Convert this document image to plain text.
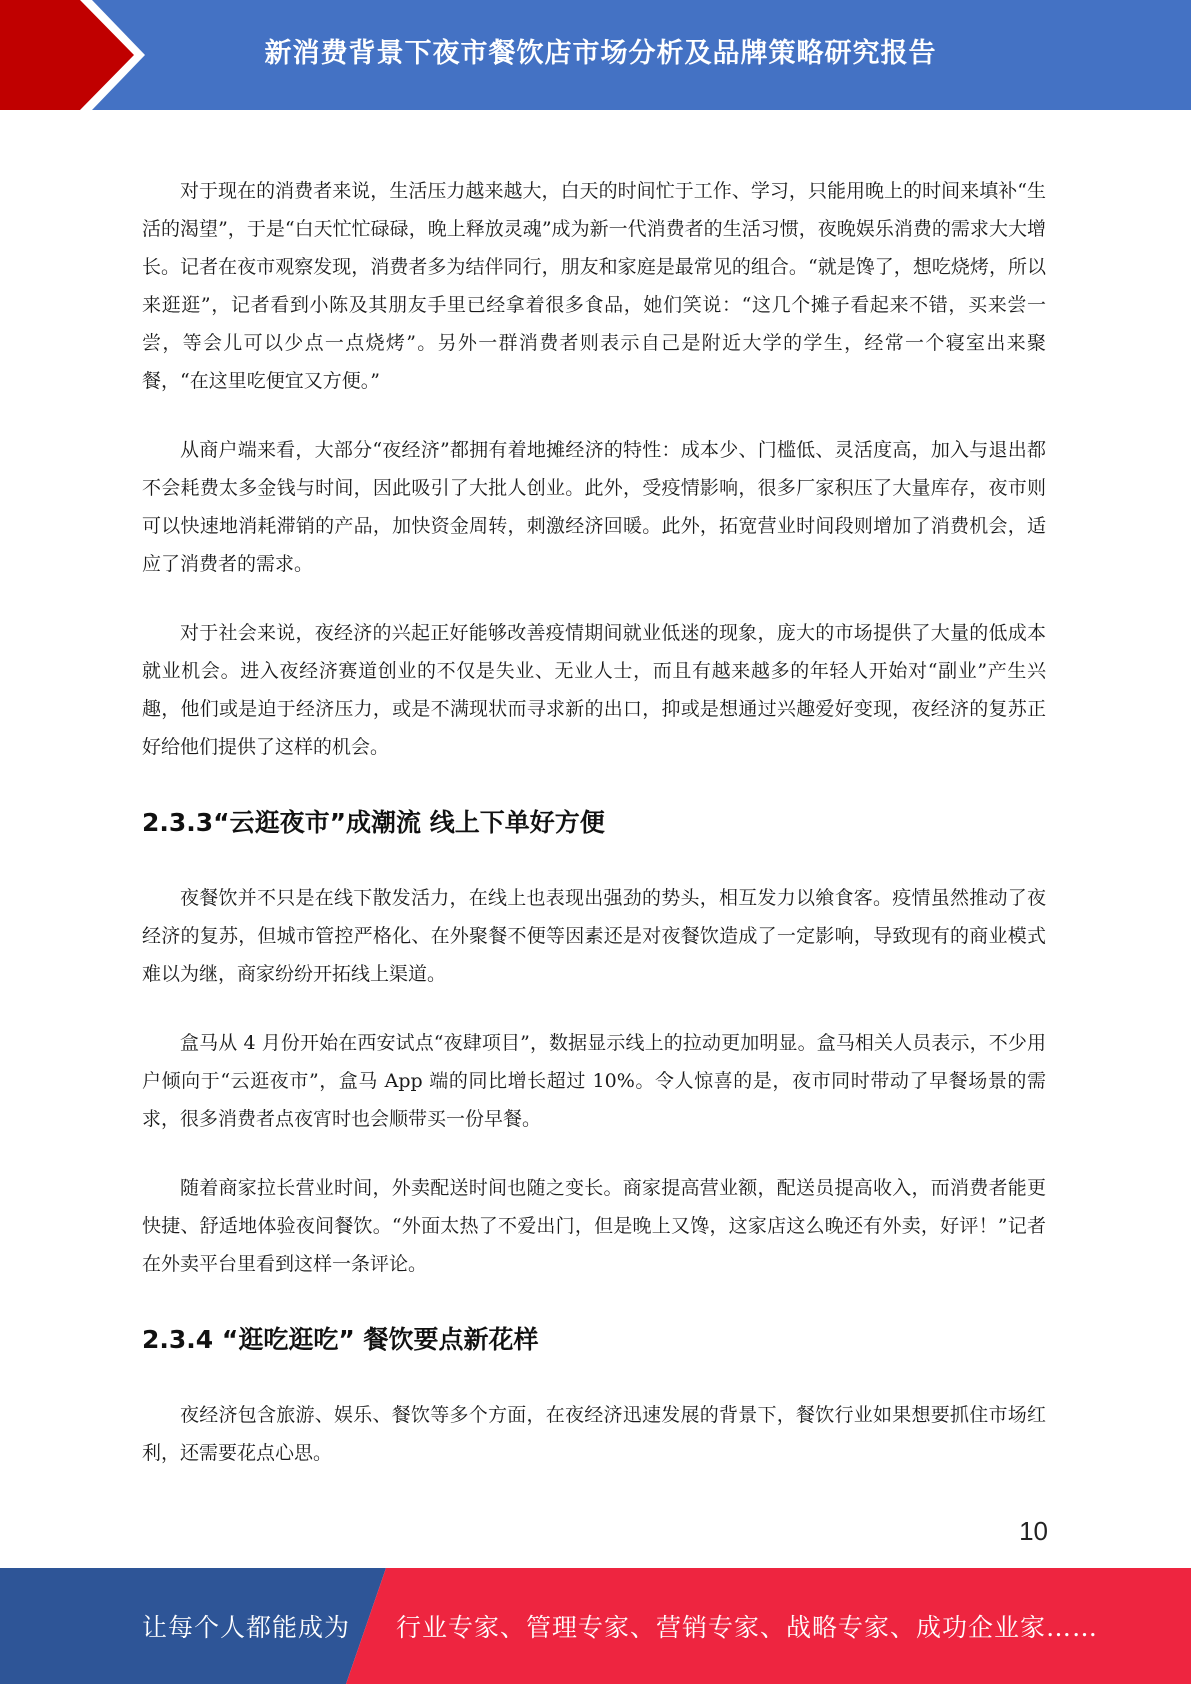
新消费背景下夜市餐饮店市场分析及品牌策略研究报告

对于现在的消费者来说，生活压力越来越大，白天的时间忙于工作、学习，只能用晚上的时间来填补“生活的渴望”，于是“白天忙忙碌碌，晚上释放灵魂”成为新一代消费者的生活习惯，夜晚娱乐消费的需求大大增长。记者在夜市观察发现，消费者多为结伴同行，朋友和家庭是最常见的组合。“就是馋了，想吃烧烤，所以来逛逛”，记者看到小陈及其朋友手里已经拿着很多食品，她们笑说：“这几个摊子看起来不错，买来尝一尝，等会儿可以少点一点烧烤”。另外一群消费者则表示自己是附近大学的学生，经常一个寝室出来聚餐，“在这里吃便宜又方便。”

从商户端来看，大部分“夜经济”都拥有着地摊经济的特性：成本少、门槛低、灵活度高，加入与退出都不会耗费太多金钱与时间，因此吸引了大批人创业。此外，受疫情影响，很多厂家积压了大量库存，夜市则可以快速地消耗滞销的产品，加快资金周转，刺激经济回暖。此外，拓宽营业时间段则增加了消费机会，适应了消费者的需求。

对于社会来说，夜经济的兴起正好能够改善疫情期间就业低迷的现象，庞大的市场提供了大量的低成本就业机会。进入夜经济赛道创业的不仅是失业、无业人士，而且有越来越多的年轻人开始对“副业”产生兴趣，他们或是迫于经济压力，或是不满现状而寻求新的出口，抑或是想通过兴趣爱好变现，夜经济的复苏正好给他们提供了这样的机会。

2.3.3“云逛夜市”成潮流 线上下单好方便

夜餐饮并不只是在线下散发活力，在线上也表现出强劲的势头，相互发力以飨食客。疫情虽然推动了夜经济的复苏，但城市管控严格化、在外聚餐不便等因素还是对夜餐饮造成了一定影响，导致现有的商业模式难以为继，商家纷纷开拓线上渠道。

盒马从 4 月份开始在西安试点“夜肆项目”，数据显示线上的拉动更加明显。盒马相关人员表示，不少用户倾向于“云逛夜市”，盒马 App 端的同比增长超过 10%。令人惊喜的是，夜市同时带动了早餐场景的需求，很多消费者点夜宵时也会顺带买一份早餐。

随着商家拉长营业时间，外卖配送时间也随之变长。商家提高营业额，配送员提高收入，而消费者能更快捷、舒适地体验夜间餐饮。“外面太热了不爱出门，但是晚上又馋，这家店这么晚还有外卖，好评！”记者在外卖平台里看到这样一条评论。

2.3.4 “逛吃逛吃” 餐饮要点新花样

夜经济包含旅游、娱乐、餐饮等多个方面，在夜经济迅速发展的背景下，餐饮行业如果想要抓住市场红利，还需要花点心思。

10
让每个人都能成为 行业专家、管理专家、营销专家、战略专家、成功企业家……
